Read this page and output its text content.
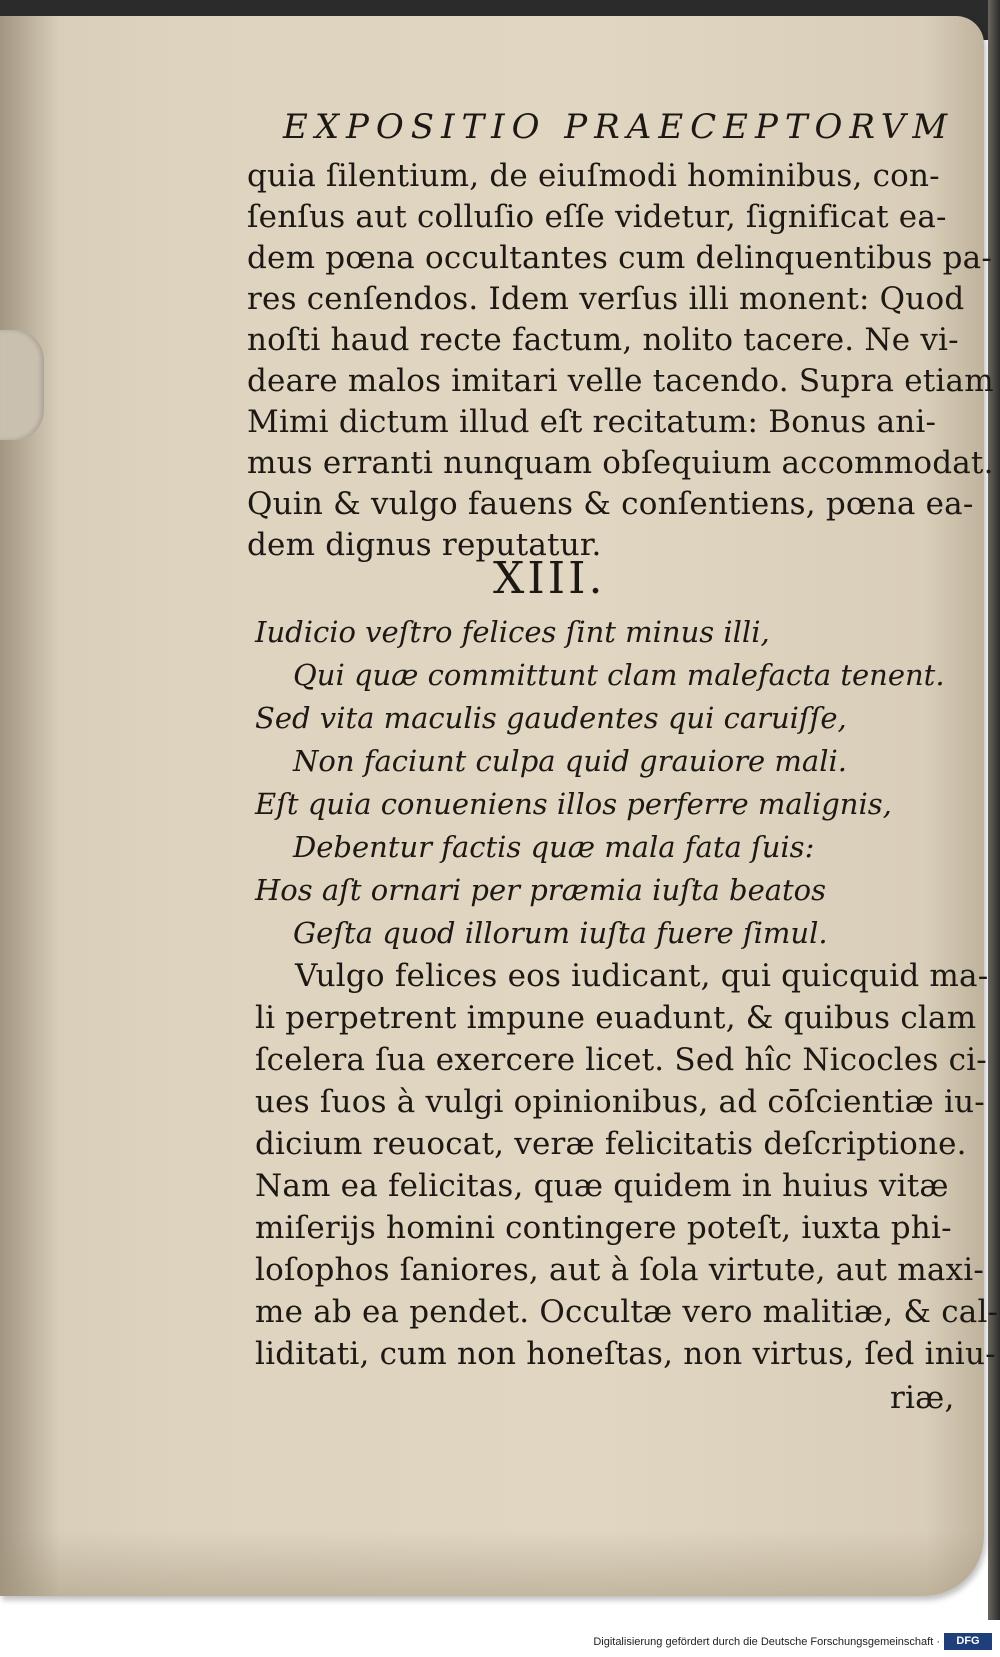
EXPOSITIO PRAECEPTORVM
quia ſilentium, de eiuſmodi hominibus, con-
ſenſus aut colluſio eſſe videtur, ſignificat ea-
dem pœna occultantes cum delinquentibus pa-
res cenſendos. Idem verſus illi monent: Quod
noſti haud recte factum, nolito tacere. Ne vi-
deare malos imitari velle tacendo. Supra etiam
Mimi dictum illud eſt recitatum: Bonus ani-
mus erranti nunquam obſequium accommodat.
Quin & vulgo fauens & conſentiens, pœna ea-
dem dignus reputatur.
XIII.
Iudicio veſtro felices ſint minus illi,
Qui quæ committunt clam malefacta tenent.
Sed vita maculis gaudentes qui caruiſſe,
Non faciunt culpa quid grauiore mali.
Eſt quia conueniens illos perferre malignis,
Debentur factis quæ mala fata ſuis:
Hos aſt ornari per præmia iuſta beatos
Geſta quod illorum iuſta fuere ſimul.
Vulgo felices eos iudicant, qui quicquid ma-
li perpetrent impune euadunt, & quibus clam
ſcelera ſua exercere licet. Sed hîc Nicocles ci-
ues ſuos à vulgi opinionibus, ad cōſcientiæ iu-
dicium reuocat, veræ felicitatis deſcriptione.
Nam ea felicitas, quæ quidem in huius vitæ
miſerijs homini contingere poteſt, iuxta phi-
loſophos ſaniores, aut à ſola virtute, aut maxi-
me ab ea pendet. Occultæ vero malitiæ, & cal-
liditati, cum non honeſtas, non virtus, ſed iniu-
riæ,
Digitalisierung gefördert durch die Deutsche Forschungsgemeinschaft ·	DFG
